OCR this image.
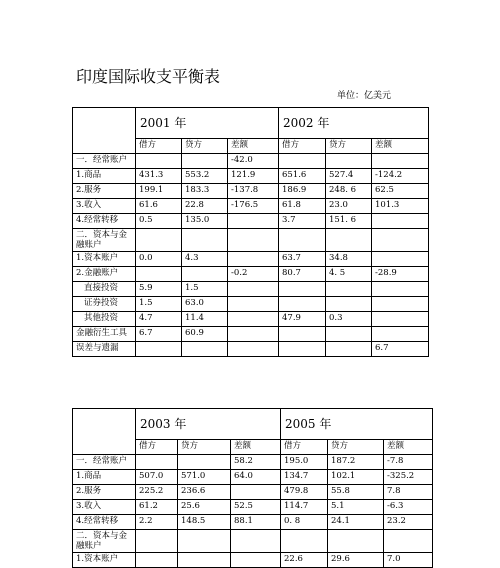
印度国际收支平衡表
单位：亿美元
	2001 年			2002 年		
	借方	贷方	差额	借方	贷方	差额
一．经常账户			-42.0			
1.商品	431.3	553.2	121.9	651.6	527.4	-124.2
2.服务	199.1	183.3	-137.8	186.9	248. 6	62.5
3.收入	61.6	22.8	-176.5	61.8	23.0	101.3
4.经常转移	0.5	135.0		3.7	151. 6	
二．资本与金融账户						
1.资本账户	0.0	4.3		63.7	34.8	
2.金融账户			-0.2	80.7	4. 5	-28.9
直接投资	5.9	1.5				
证券投资	1.5	63.0				
其他投资	4.7	11.4		47.9	0.3	
金融衍生工具	6.7	60.9				
误差与遗漏						6.7
	2003 年			2005 年		
	借方	贷方	差额	借方	贷方	差额
一．经常账户			58.2	195.0	187.2	-7.8
1.商品	507.0	571.0	64.0	134.7	102.1	-325.2
2.服务	225.2	236.6		479.8	55.8	7.8
3.收入	61.2	25.6	52.5	114.7	5.1	-6.3
4.经常转移	2.2	148.5	88.1	0. 8	24.1	23.2
二．资本与金融账户						
1.资本账户				22.6	29.6	7.0
